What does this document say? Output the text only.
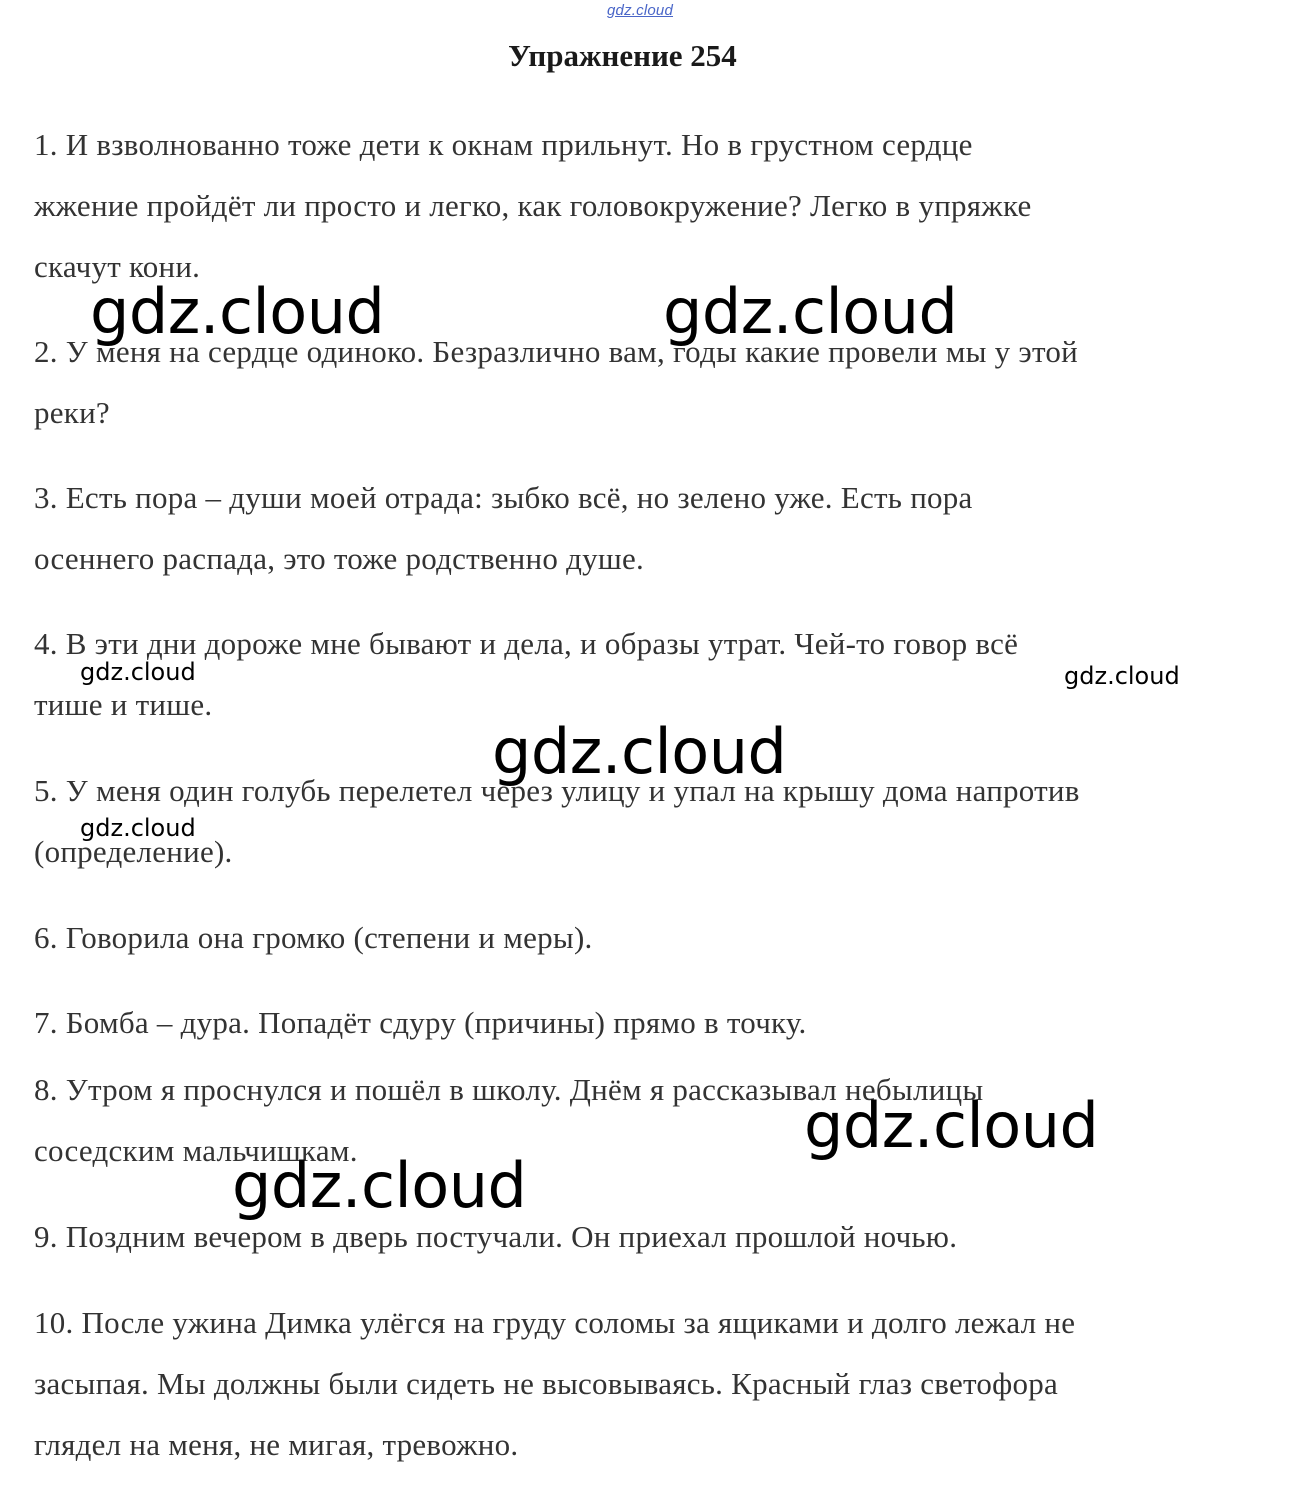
gdz.cloud
Упражнение 254

1. И взволнованно тоже дети к окнам прильнут. Но в грустном сердце
жжение пройдёт ли просто и легко, как головокружение? Легко в упряжке
скачут кони.

2. У меня на сердце одиноко. Безразлично вам, годы какие провели мы у этой
реки?

3. Есть пора – души моей отрада: зыбко всё, но зелено уже. Есть пора
осеннего распада, это тоже родственно душе.

4. В эти дни дороже мне бывают и дела, и образы утрат. Чей-то говор всё
тише и тише.

5. У меня один голубь перелетел через улицу и упал на крышу дома напротив
(определение).

6. Говорила она громко (степени и меры).

7. Бомба – дура. Попадёт сдуру (причины) прямо в точку.

8. Утром я проснулся и пошёл в школу. Днём я рассказывал небылицы
соседским мальчишкам.

9. Поздним вечером в дверь постучали. Он приехал прошлой ночью.

10. После ужина Димка улёгся на груду соломы за ящиками и долго лежал не
засыпая. Мы должны были сидеть не высовываясь. Красный глаз светофора
глядел на меня, не мигая, тревожно.

gdz.cloud	gdz.cloud
gdz.cloud	gdz.cloud
gdz.cloud
gdz.cloud
gdz.cloud
gdz.cloud
